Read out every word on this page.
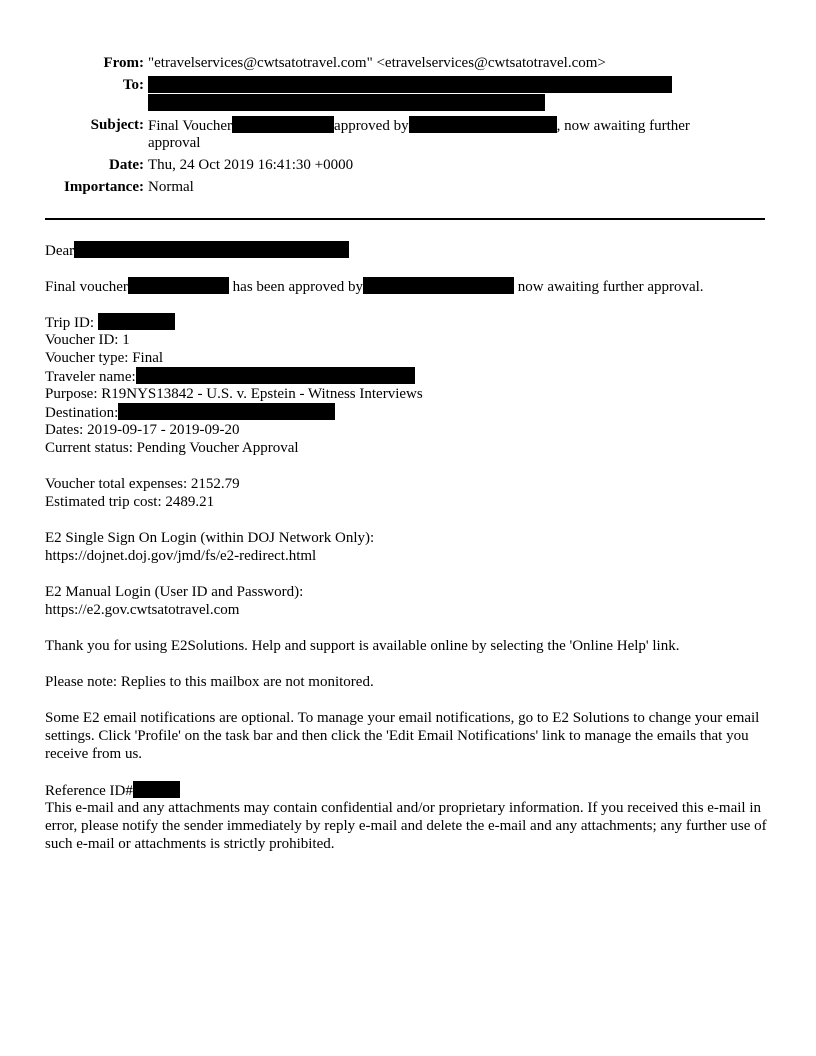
From: "etravelservices@cwtsatotravel.com" <etravelservices@cwtsatotravel.com>
To:
Subject: Final Voucher	approved by	, now awaiting further
approval
Date: Thu, 24 Oct 2019 16:41:30 +0000
Importance: Normal
Dear
Final voucher	has been approved by	now awaiting further approval.
Trip ID:
Voucher ID: 1
Voucher type: Final
Traveler name:
Purpose: R19NYS13842 - U.S. v. Epstein - Witness Interviews
Destination:
Dates: 2019-09-17 - 2019-09-20
Current status: Pending Voucher Approval
Voucher total expenses: 2152.79
Estimated trip cost: 2489.21
E2 Single Sign On Login (within DOJ Network Only):
https://dojnet.doj.gov/jmd/fs/e2-redirect.html
E2 Manual Login (User ID and Password):
https://e2.gov.cwtsatotravel.com
Thank you for using E2Solutions. Help and support is available online by selecting the 'Online Help' link.
Please note: Replies to this mailbox are not monitored.
Some E2 email notifications are optional. To manage your email notifications, go to E2 Solutions to change your email settings. Click 'Profile' on the task bar and then click the 'Edit Email Notifications' link to manage the emails that you receive from us.
Reference ID#
This e-mail and any attachments may contain confidential and/or proprietary information. If you received this e-mail in error, please notify the sender immediately by reply e-mail and delete the e-mail and any attachments; any further use of such e-mail or attachments is strictly prohibited.
